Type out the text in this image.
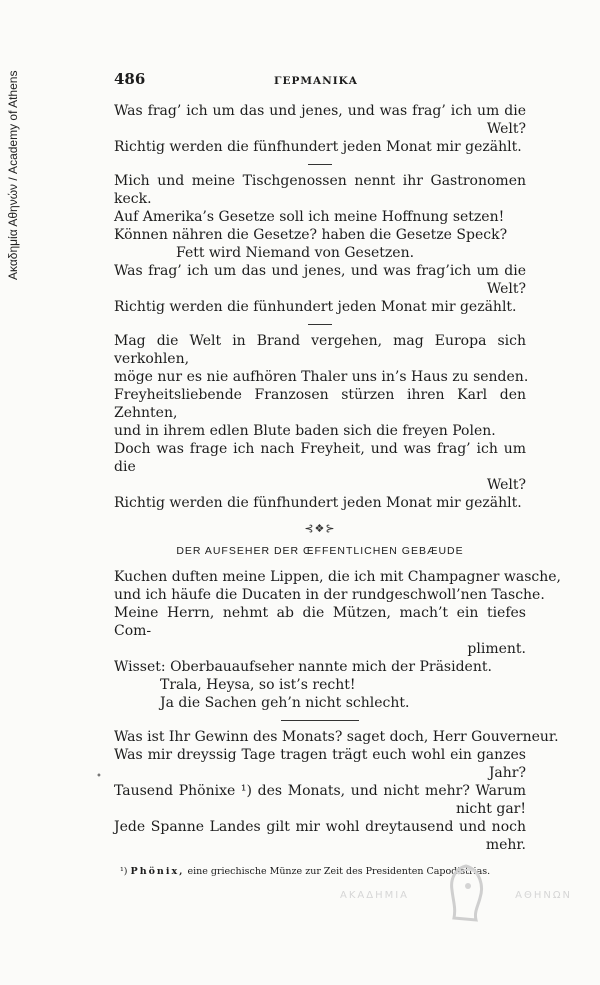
Ακαδημία Αθηνών / Academy of Athens	486	ΓΕΡΜΑΝΙΚΑ
Was frag’ ich um das und jenes, und was frag’ ich um die
Welt?
Richtig werden die fünfhundert jeden Monat mir gezählt.
Mich und meine Tischgenossen nennt ihr Gastronomen keck.
Auf Amerika’s Gesetze soll ich meine Hoffnung setzen!
Können nähren die Gesetze? haben die Gesetze Speck?
Fett wird Niemand von Gesetzen.
Was frag’ ich um das und jenes, und was frag’ich um die
Welt?
Richtig werden die fünhundert jeden Monat mir gezählt.
Mag die Welt in Brand vergehen, mag Europa sich verkohlen,
möge nur es nie aufhören Thaler uns in’s Haus zu senden.
Freyheitsliebende Franzosen stürzen ihren Karl den Zehnten,
und in ihrem edlen Blute baden sich die freyen Polen.
Doch was frage ich nach Freyheit, und was frag’ ich um die
Welt?
Richtig werden die fünfhundert jeden Monat mir gezählt.
⊰❖⊱
DER AUFSEHER DER ŒFFENTLICHEN GEBÆUDE
Kuchen duften meine Lippen, die ich mit Champagner wasche,
und ich häufe die Ducaten in der rundgeschwoll’nen Tasche.
Meine Herrn, nehmt ab die Mützen, mach’t ein tiefes Com-
pliment.
Wisset: Oberbauaufseher nannte mich der Präsident.
Trala, Heysa, so ist’s recht!
Ja die Sachen geh’n nicht schlecht.
Was ist Ihr Gewinn des Monats? saget doch, Herr Gouverneur.
Was mir dreyssig Tage tragen trägt euch wohl ein ganzes
Jahr?
Tausend Phönixe ¹) des Monats, und nicht mehr? Warum
nicht gar!
Jede Spanne Landes gilt mir wohl dreytausend und noch
mehr.
¹) Phönix, eine griechische Münze zur Zeit des Presidenten Capodistrias.
•
ΑΚΑΔΗΜΙΑ	ΑΘΗΝΩΝ
